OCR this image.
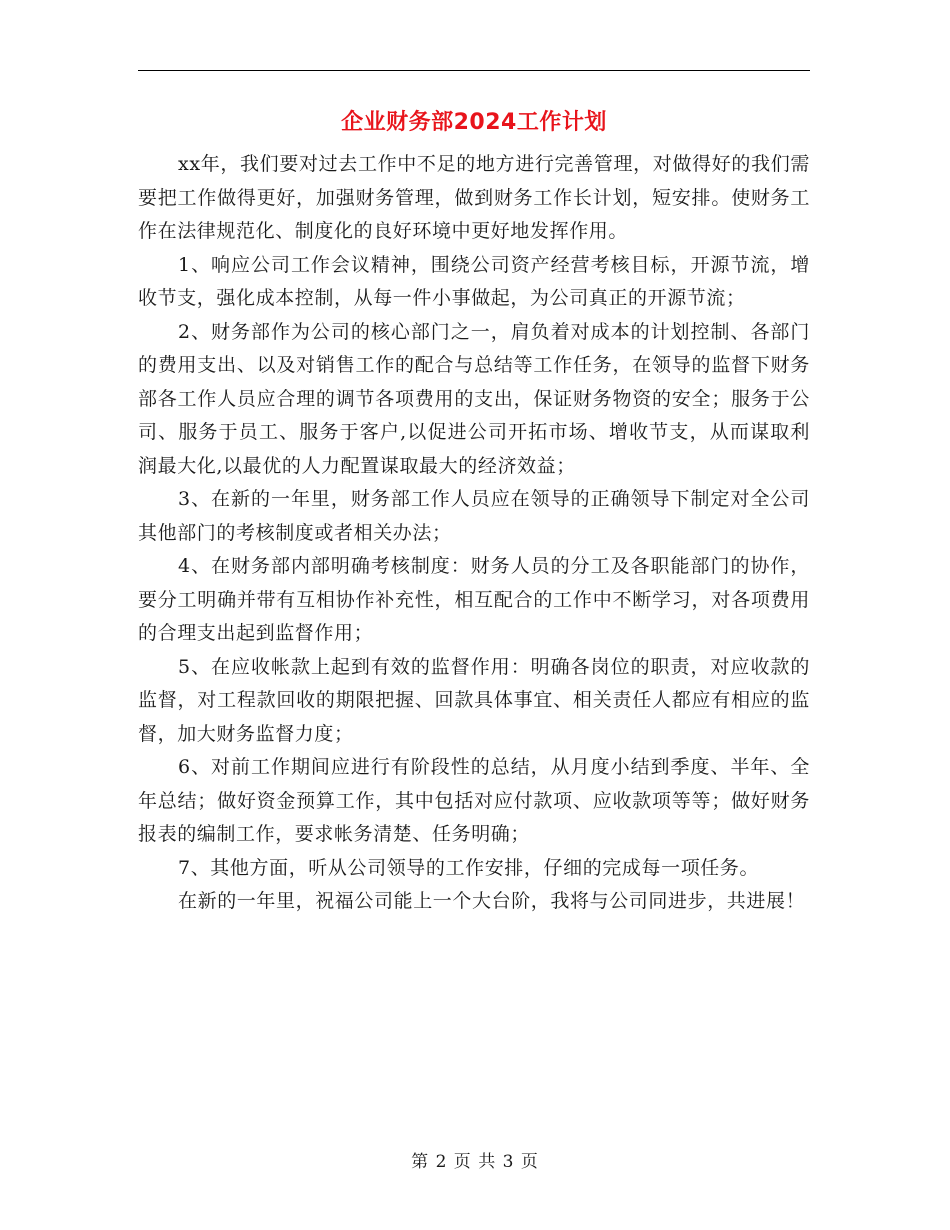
企业财务部2024工作计划

xx年，我们要对过去工作中不足的地方进行完善管理，对做得好的我们需要把工作做得更好，加强财务管理，做到财务工作长计划，短安排。使财务工作在法律规范化、制度化的良好环境中更好地发挥作用。

1、响应公司工作会议精神，围绕公司资产经营考核目标，开源节流，增收节支，强化成本控制，从每一件小事做起，为公司真正的开源节流；

2、财务部作为公司的核心部门之一，肩负着对成本的计划控制、各部门的费用支出、以及对销售工作的配合与总结等工作任务，在领导的监督下财务部各工作人员应合理的调节各项费用的支出，保证财务物资的安全；服务于公司、服务于员工、服务于客户,以促进公司开拓市场、增收节支，从而谋取利润最大化,以最优的人力配置谋取最大的经济效益；

3、在新的一年里，财务部工作人员应在领导的正确领导下制定对全公司其他部门的考核制度或者相关办法；

4、在财务部内部明确考核制度：财务人员的分工及各职能部门的协作，要分工明确并带有互相协作补充性，相互配合的工作中不断学习，对各项费用的合理支出起到监督作用；

5、在应收帐款上起到有效的监督作用：明确各岗位的职责，对应收款的监督，对工程款回收的期限把握、回款具体事宜、相关责任人都应有相应的监督，加大财务监督力度；

6、对前工作期间应进行有阶段性的总结，从月度小结到季度、半年、全年总结；做好资金预算工作，其中包括对应付款项、应收款项等等；做好财务报表的编制工作，要求帐务清楚、任务明确；

7、其他方面，听从公司领导的工作安排，仔细的完成每一项任务。

在新的一年里，祝福公司能上一个大台阶，我将与公司同进步，共进展！

第 2 页 共 3 页
